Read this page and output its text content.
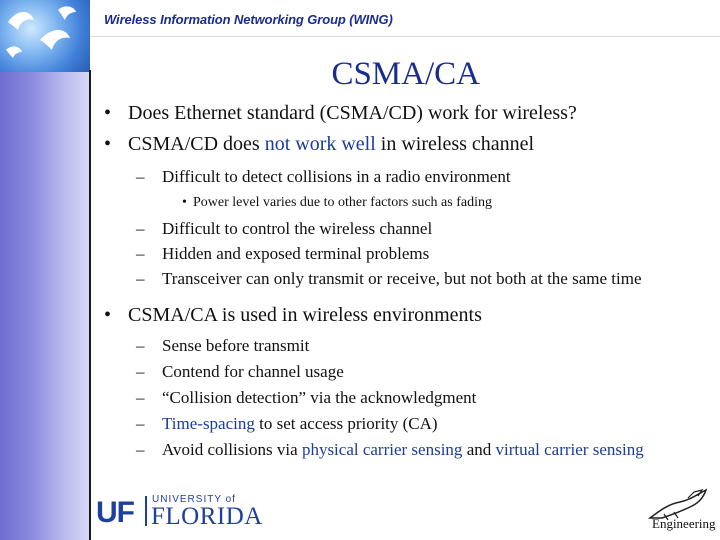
Wireless Information Networking Group (WING)
CSMA/CA
• Does Ethernet standard (CSMA/CD) work for wireless?
• CSMA/CD does not work well in wireless channel
– Difficult to detect collisions in a radio environment
• Power level varies due to other factors such as fading
– Difficult to control the wireless channel
– Hidden and exposed terminal problems
– Transceiver can only transmit or receive, but not both at the same time
• CSMA/CA is used in wireless environments
– Sense before transmit
– Contend for channel usage
– “Collision detection” via the acknowledgment
– Time-spacing to set access priority (CA)
– Avoid collisions via physical carrier sensing and virtual carrier sensing
UF UNIVERSITY of
FLORIDA	Engineering
